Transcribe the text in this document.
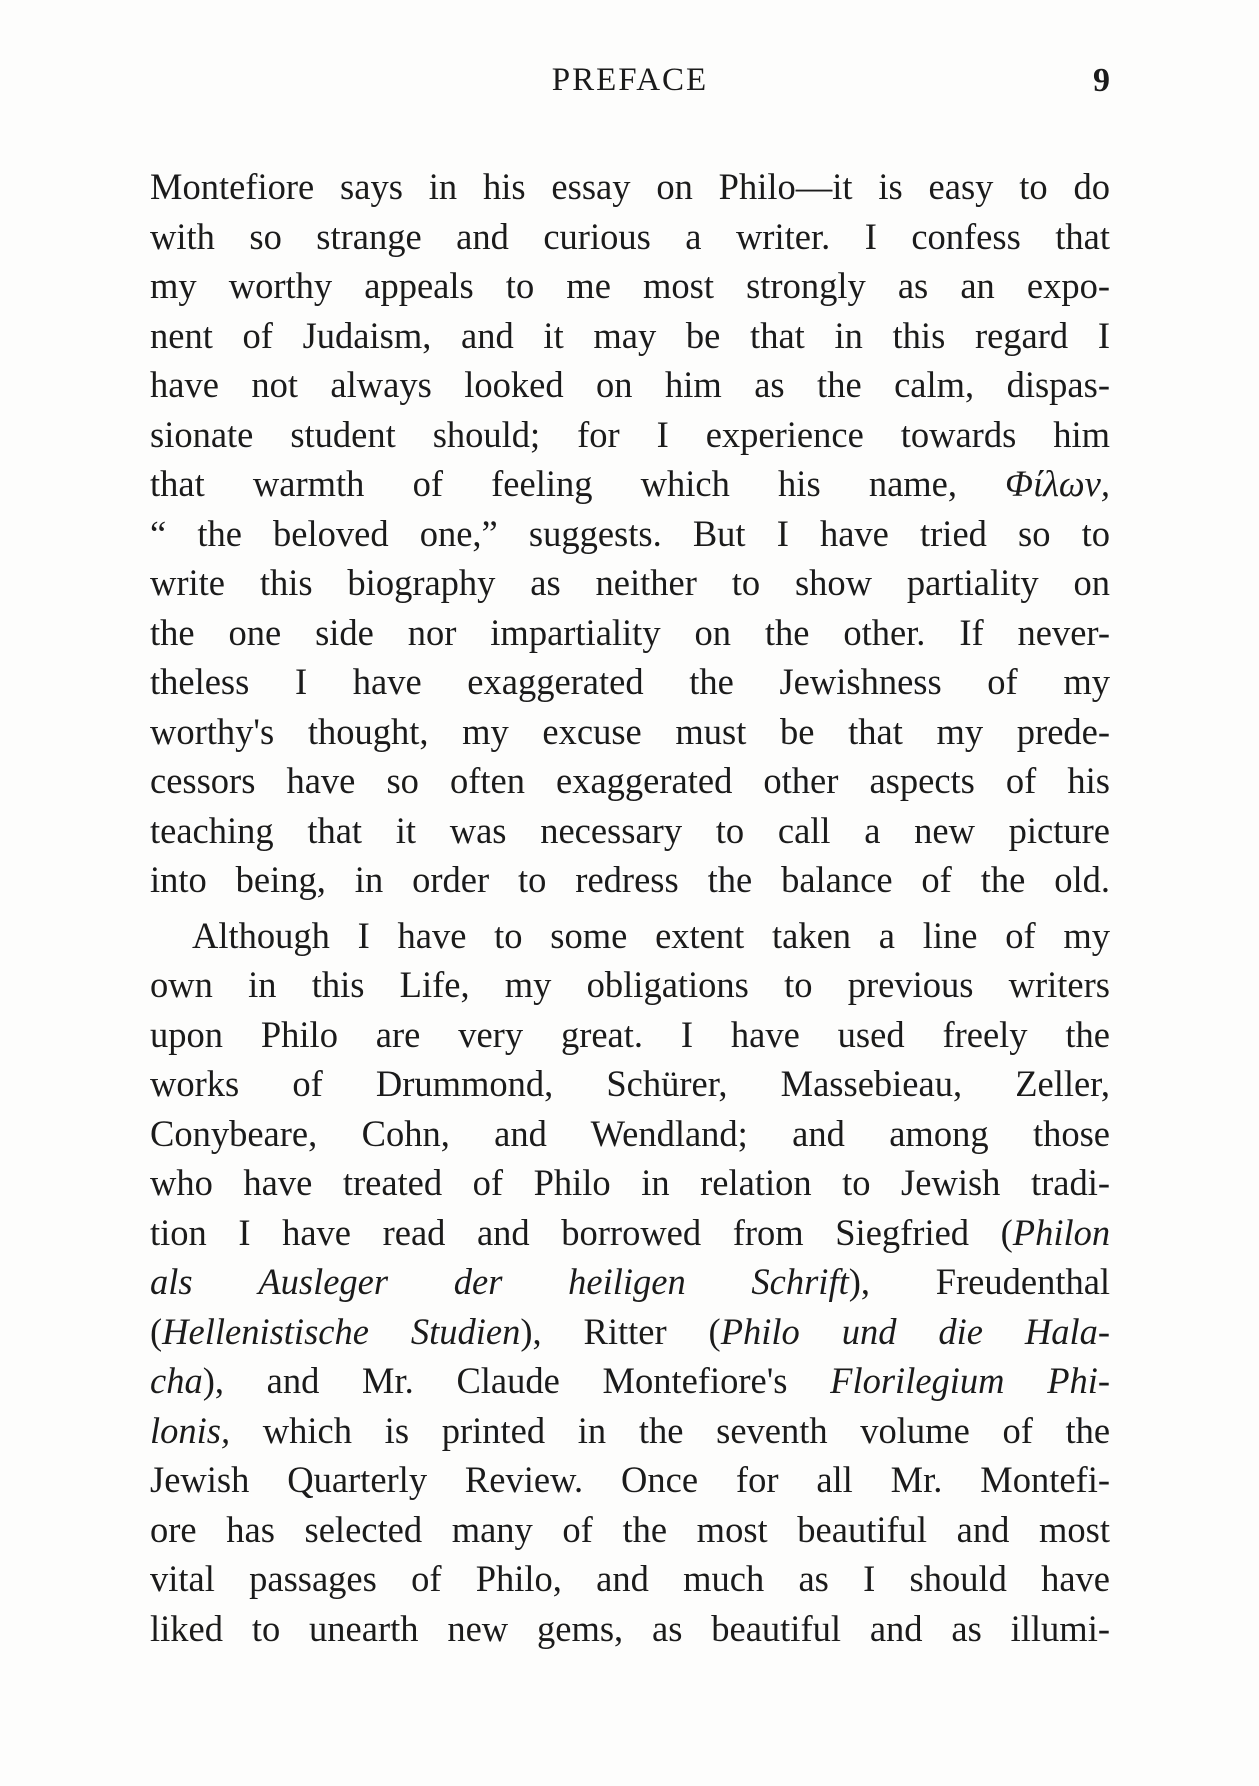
PREFACE	9
Montefiore says in his essay on Philo—it is easy to do
with so strange and curious a writer. I confess that
my worthy appeals to me most strongly as an expo-
nent of Judaism, and it may be that in this regard I
have not always looked on him as the calm, dispas-
sionate student should; for I experience towards him
that warmth of feeling which his name, Φίλων,
“ the beloved one,” suggests. But I have tried so to
write this biography as neither to show partiality on
the one side nor impartiality on the other. If never-
theless I have exaggerated the Jewishness of my
worthy's thought, my excuse must be that my prede-
cessors have so often exaggerated other aspects of his
teaching that it was necessary to call a new picture
into being, in order to redress the balance of the old.
Although I have to some extent taken a line of my
own in this Life, my obligations to previous writers
upon Philo are very great. I have used freely the
works of Drummond, Schürer, Massebieau, Zeller,
Conybeare, Cohn, and Wendland; and among those
who have treated of Philo in relation to Jewish tradi-
tion I have read and borrowed from Siegfried (Philon
als Ausleger der heiligen Schrift), Freudenthal
(Hellenistische Studien), Ritter (Philo und die Hala-
cha), and Mr. Claude Montefiore's Florilegium Phi-
lonis, which is printed in the seventh volume of the
Jewish Quarterly Review. Once for all Mr. Montefi-
ore has selected many of the most beautiful and most
vital passages of Philo, and much as I should have
liked to unearth new gems, as beautiful and as illumi-
